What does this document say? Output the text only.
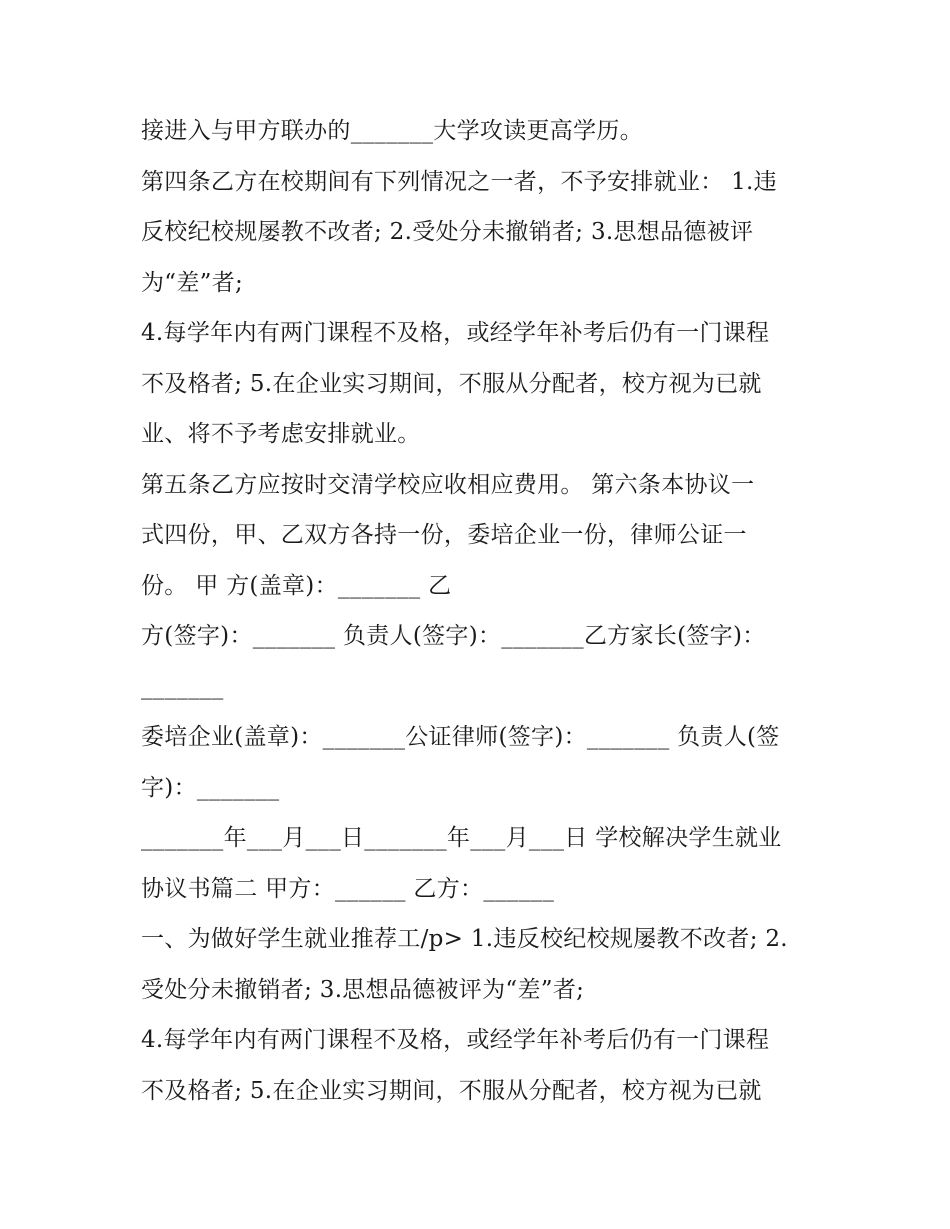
接进入与甲方联办的_______大学攻读更高学历。
第四条乙方在校期间有下列情况之一者，不予安排就业： 1.违
反校纪校规屡教不改者; 2.受处分未撤销者; 3.思想品德被评
为“差”者;
4.每学年内有两门课程不及格，或经学年补考后仍有一门课程
不及格者; 5.在企业实习期间，不服从分配者，校方视为已就
业、将不予考虑安排就业。
第五条乙方应按时交清学校应收相应费用。 第六条本协议一
式四份，甲、乙双方各持一份，委培企业一份，律师公证一
份。 甲 方(盖章)：_______ 乙
方(签字)：_______ 负责人(签字)：_______乙方家长(签字)：
_______
委培企业(盖章)：_______公证律师(签字)：_______ 负责人(签
字)：_______
_______年___月___日_______年___月___日 学校解决学生就业
协议书篇二 甲方：______ 乙方：______
一、为做好学生就业推荐工/p> 1.违反校纪校规屡教不改者; 2.
受处分未撤销者; 3.思想品德被评为“差”者;
4.每学年内有两门课程不及格，或经学年补考后仍有一门课程
不及格者; 5.在企业实习期间，不服从分配者，校方视为已就
